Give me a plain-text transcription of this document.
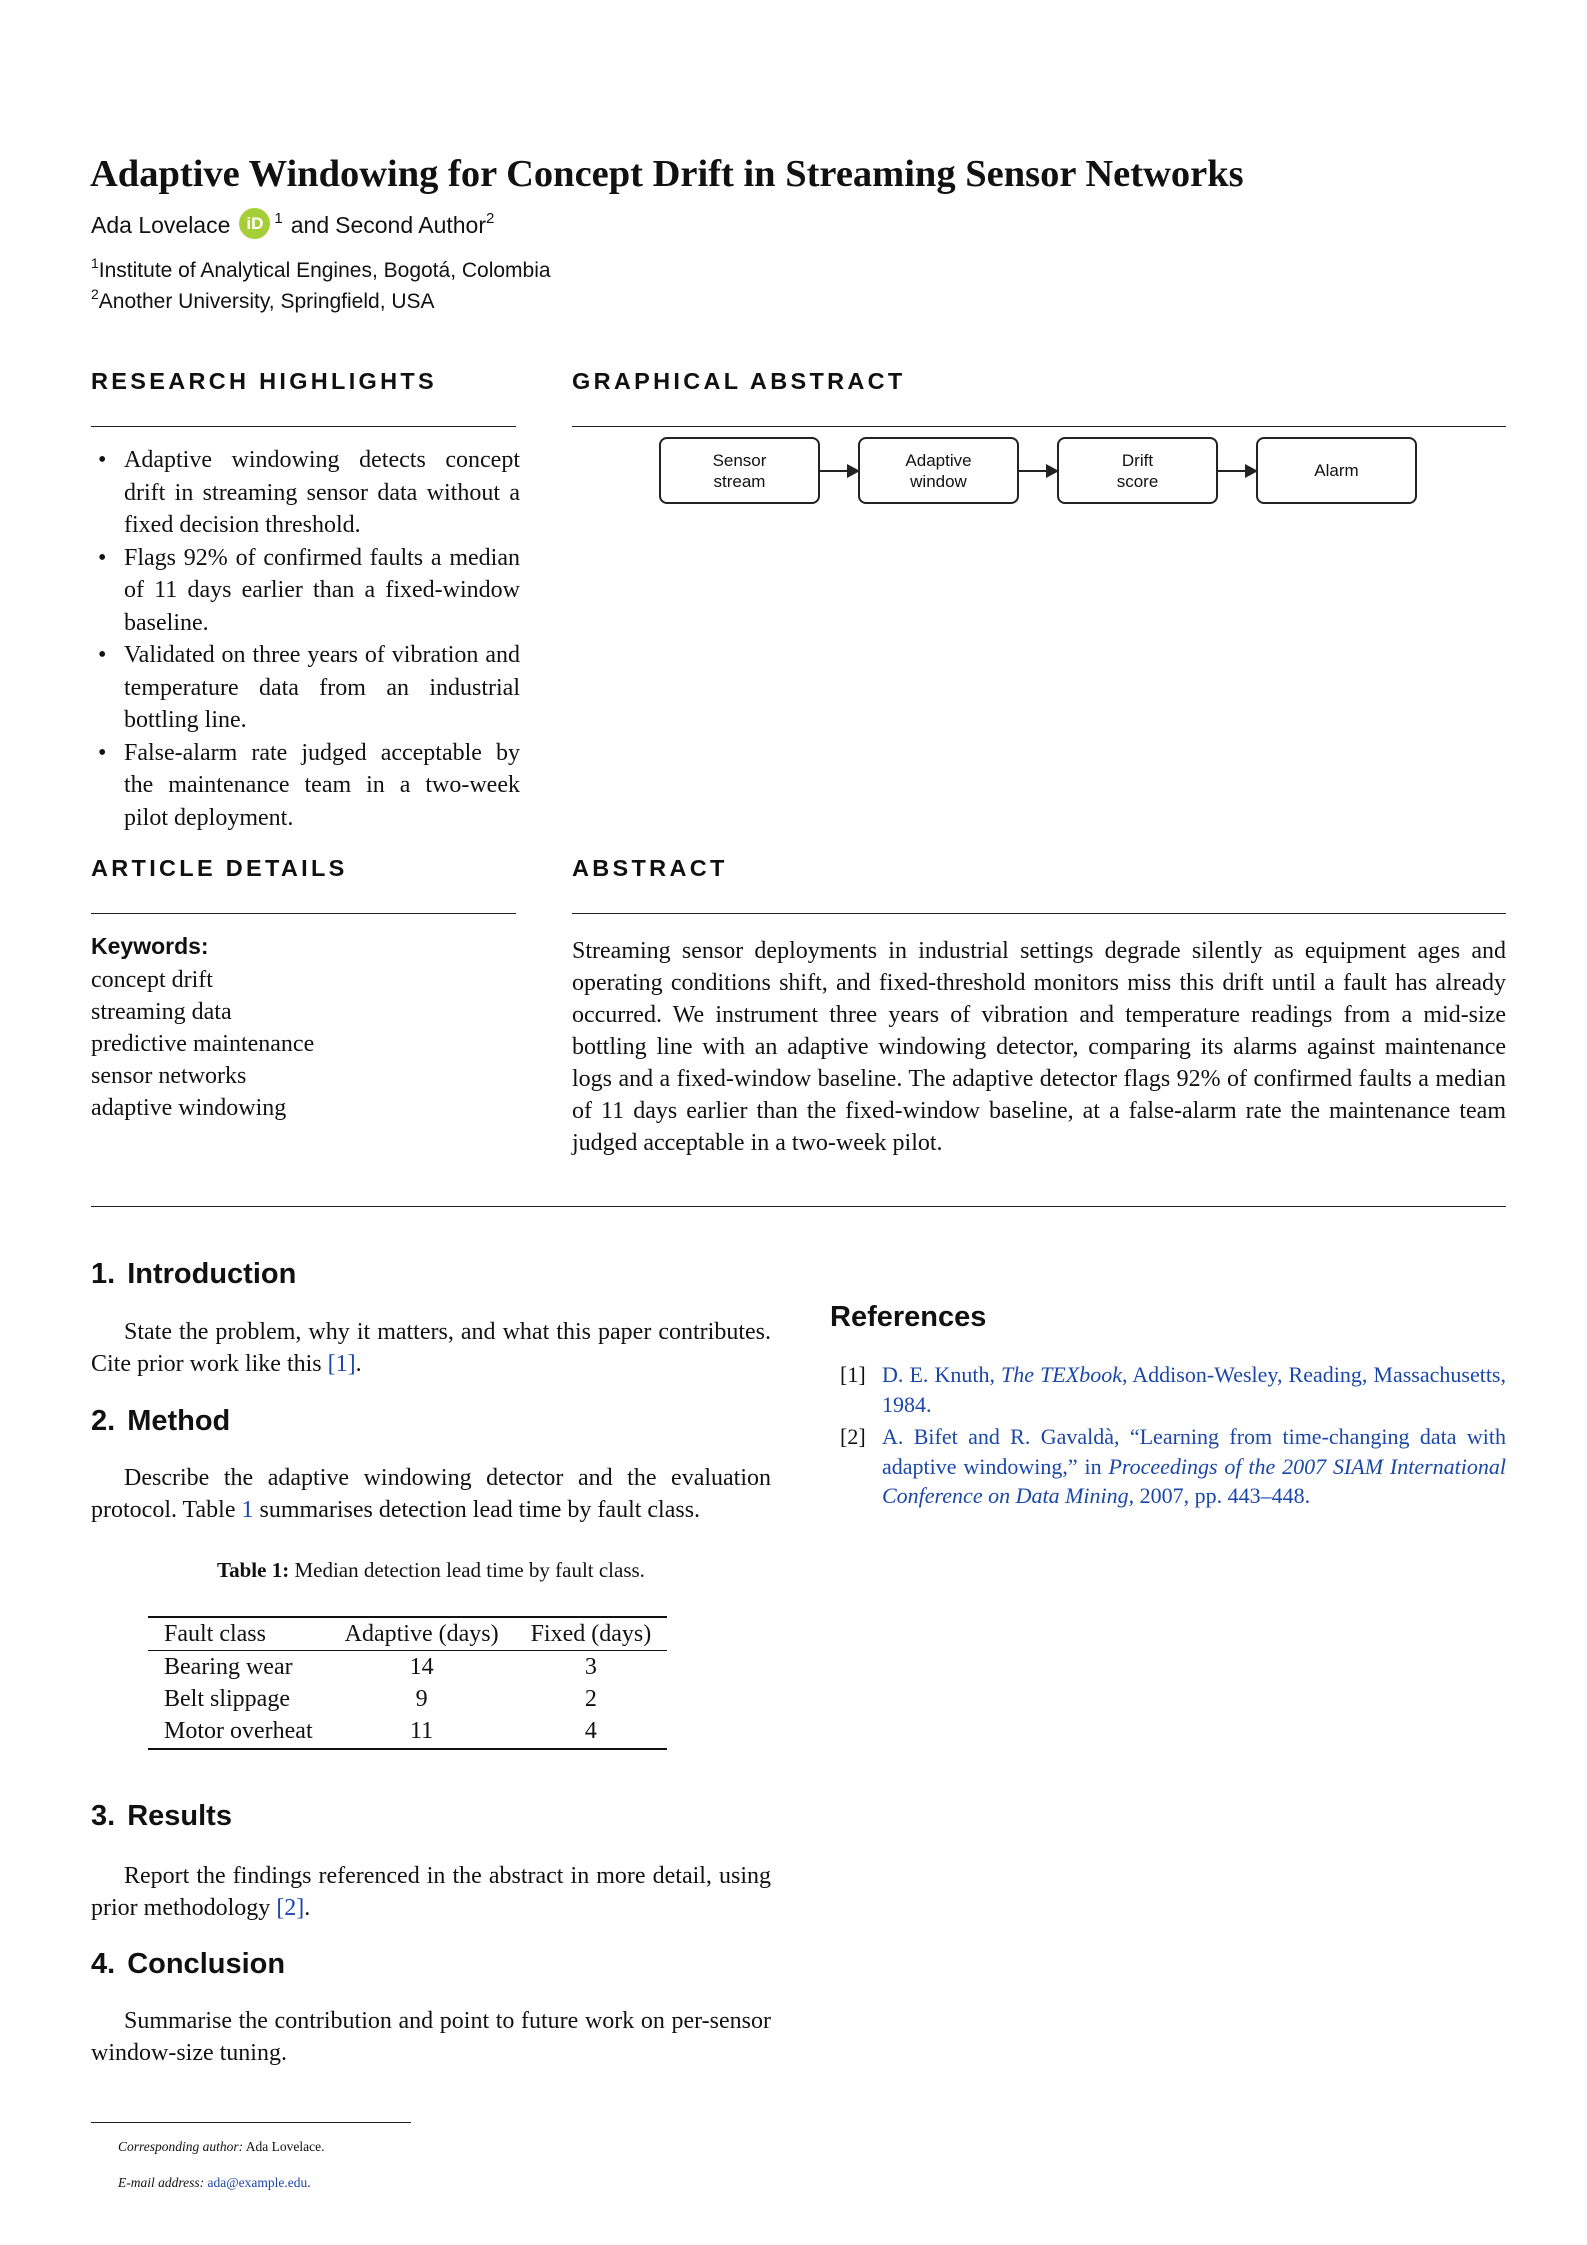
Adaptive Windowing for Concept Drift in Streaming Sensor Networks
Ada Lovelace iD $^1$ and Second Author$^2$
$^1$Institute of Analytical Engines, Bogotá, Colombia
$^2$Another University, Springfield, USA
RESEARCH HIGHLIGHTS
• Adaptive windowing detects concept drift in streaming sensor data without a fixed decision threshold.
• Flags 92% of confirmed faults a median of 11 days earlier than a fixed-window baseline.
• Validated on three years of vibration and temperature data from an industrial bottling line.
• False-alarm rate judged acceptable by the maintenance team in a two-week pilot deployment.
GRAPHICAL ABSTRACT
Sensor
stream
Adaptive
window
Drift
score
Alarm
ARTICLE DETAILS
Keywords:
concept drift
streaming data
predictive maintenance
sensor networks
adaptive windowing
ABSTRACT

Streaming sensor deployments in industrial settings degrade silently as equipment ages and operating conditions shift, and fixed-threshold monitors miss this drift until a fault has already occurred. We instrument three years of vibration and temperature readings from a mid-size bottling line with an adaptive windowing detector, comparing its alarms against maintenance logs and a fixed-window baseline. The adaptive detector flags 92% of confirmed faults a median of 11 days earlier than the fixed-window baseline, at a false-alarm rate the maintenance team judged acceptable in a two-week pilot.

1. Introduction

State the problem, why it matters, and what this paper contributes. Cite prior work like this [1].

2. Method

Describe the adaptive windowing detector and the evaluation protocol. Table 1 summarises detection lead time by fault class.

Table 1: Median detection lead time by fault class.
Fault class	Adaptive (days)	Fixed (days)
Bearing wear	14	3
Belt slippage	9	2
Motor overheat	11	4
3. Results

Report the findings referenced in the abstract in more detail, using prior methodology [2].

4. Conclusion

Summarise the contribution and point to future work on per-sensor window-size tuning.

References
[1] D. E. Knuth, The TEXbook, Addison-Wesley, Reading, Massachusetts, 1984.
[2] A. Bifet and R. Gavaldà, “Learning from time-changing data with adaptive windowing,” in Proceedings of the 2007 SIAM International Conference on Data Mining, 2007, pp. 443–448.
Corresponding author: Ada Lovelace.
E-mail address: ada@example.edu.
